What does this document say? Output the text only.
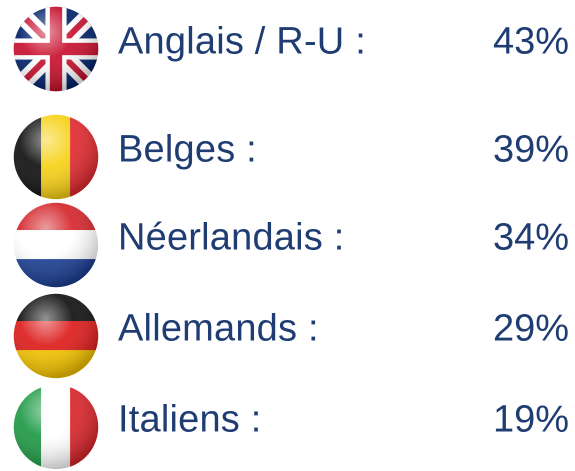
Anglais / R-U :	43%
Belges :	39%
Néerlandais :	34%
Allemands :	29%
Italiens :	19%
